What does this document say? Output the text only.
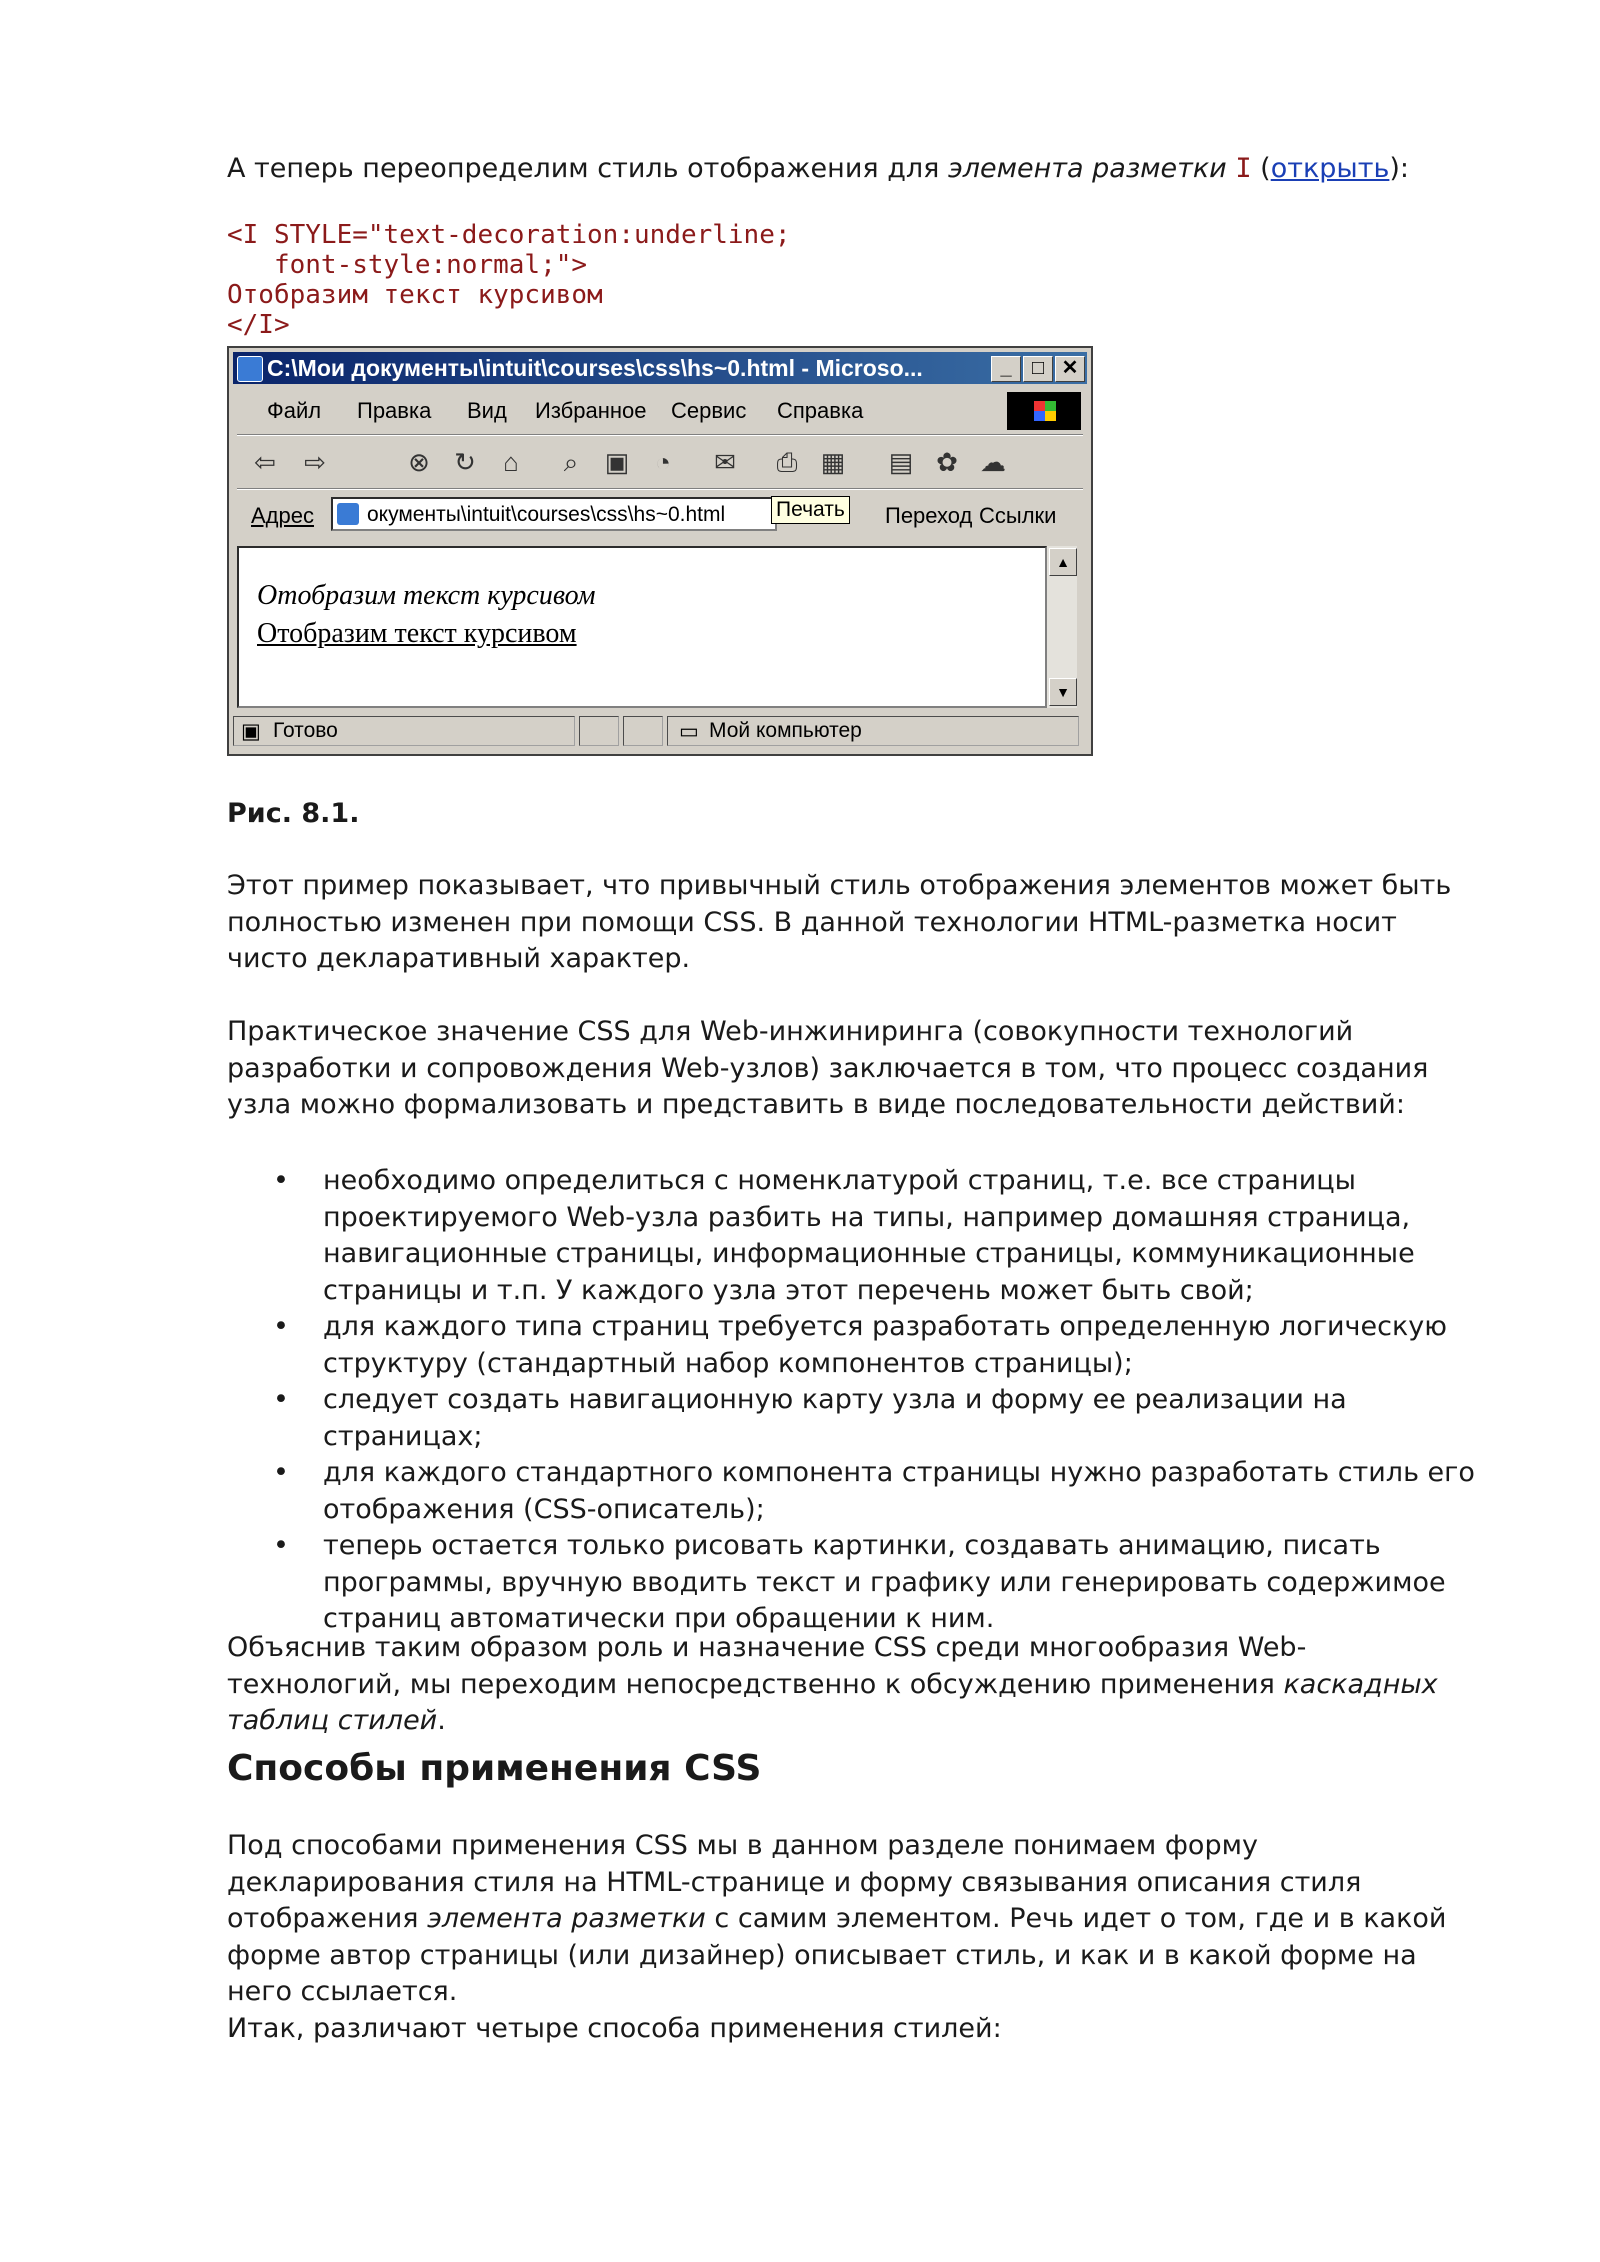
А теперь переопределим стиль отображения для элемента разметки I (открыть):

<I STYLE="text-decoration:underline;
font-style:normal;">
Отобразим текст курсивом
</I>

Рис. 8.1.

Этот пример показывает, что привычный стиль отображения элементов может быть полностью изменен при помощи CSS. В данной технологии HTML-разметка носит чисто декларативный характер.

Практическое значение CSS для Web-инжиниринга (совокупности технологий разработки и сопровождения Web-узлов) заключается в том, что процесс создания узла можно формализовать и представить в виде последовательности действий:

• необходимо определиться с номенклатурой страниц, т.е. все страницы проектируемого Web-узла разбить на типы, например домашняя страница, навигационные страницы, информационные страницы, коммуникационные страницы и т.п. У каждого узла этот перечень может быть свой;
• для каждого типа страниц требуется разработать определенную логическую структуру (стандартный набор компонентов страницы);
• следует создать навигационную карту узла и форму ее реализации на страницах;
• для каждого стандартного компонента страницы нужно разработать стиль его отображения (CSS-описатель);
• теперь остается только рисовать картинки, создавать анимацию, писать программы, вручную вводить текст и графику или генерировать содержимое страниц автоматически при обращении к ним.

Объяснив таким образом роль и назначение CSS среди многообразия Web-технологий, мы переходим непосредственно к обсуждению применения каскадных таблиц стилей.

Способы применения CSS

Под способами применения CSS мы в данном разделе понимаем форму декларирования стиля на HTML-странице и форму связывания описания стиля отображения элемента разметки с самим элементом. Речь идет о том, где и в какой форме автор страницы (или дизайнер) описывает стиль, и как и в какой форме на него ссылается.

Итак, различают четыре способа применения стилей:

C:\Мои документы\intuit\courses\css\hs~0.html - Microso...	_	□ ✕
Файл Правка Вид Избранное Сервис Справка
⇦ ⇨	⊗ ↻	⌂	⌕	▣ ◔	✉ ⎙ ▦ ▤ ✿ ☁
Адрес	окументы\intuit\courses\css\hs~0.html	Переход Ссылки
Печать
Отобразим текст курсивом
Отобразим текст курсивом
▲
▼
▣ Готово	▭ Мой компьютер
